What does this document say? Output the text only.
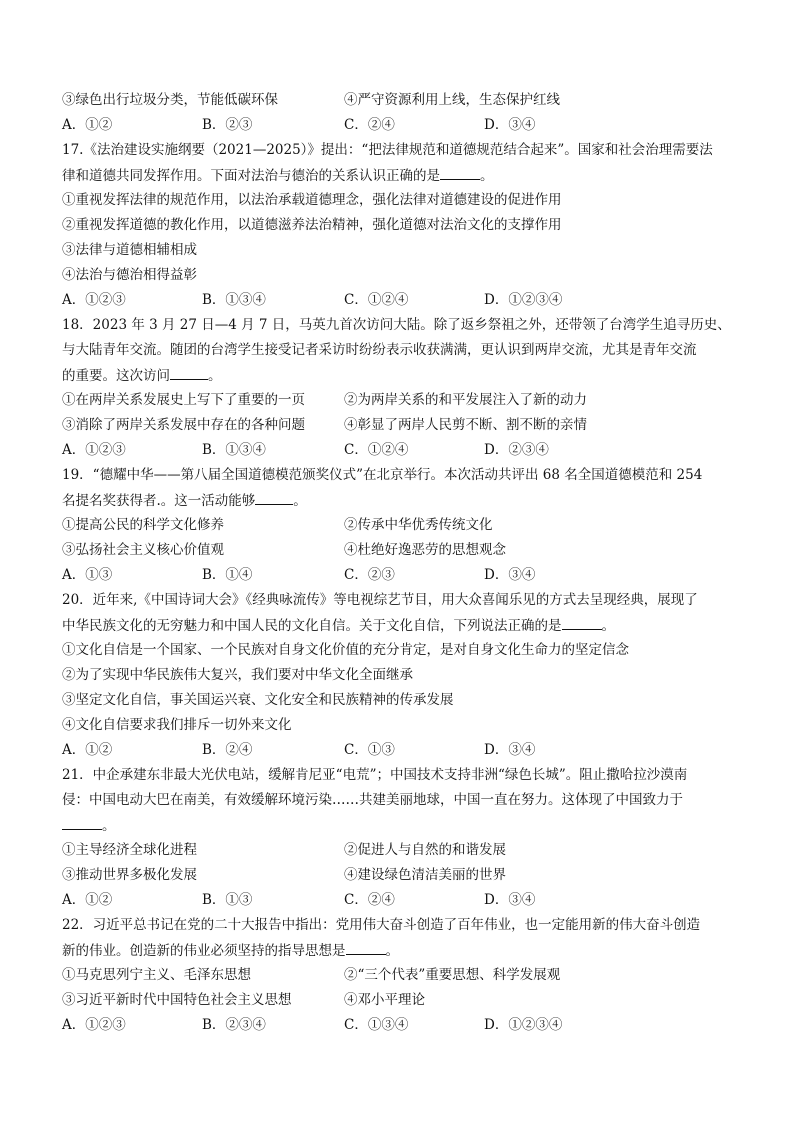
③绿色出行垃圾分类，节能低碳环保	④严守资源利用上线，生态保护红线
A．①②	B．②③	C．②④	D．③④
17.《法治建设实施纲要（2021—2025）》提出：“把法律规范和道德规范结合起来”。国家和社会治理需要法
律和道德共同发挥作用。下面对法治与德治的关系认识正确的是	。
①重视发挥法律的规范作用，以法治承载道德理念，强化法律对道德建设的促进作用
②重视发挥道德的教化作用，以道德滋养法治精神，强化道德对法治文化的支撑作用
③法律与道德相辅相成
④法治与德治相得益彰
A．①②③	B．①③④	C．①②④	D．①②③④
18．2023 年 3 月 27 日—4 月 7 日，马英九首次访问大陆。除了返乡祭祖之外，还带领了台湾学生追寻历史、
与大陆青年交流。随团的台湾学生接受记者采访时纷纷表示收获满满，更认识到两岸交流，尤其是青年交流
的重要。这次访问	。
①在两岸关系发展史上写下了重要的一页	②为两岸关系的和平发展注入了新的动力
③消除了两岸关系发展中存在的各种问题	④彰显了两岸人民剪不断、割不断的亲情
A．①②③	B．①③④	C．①②④	D．②③④
19．“德耀中华——第八届全国道德模范颁奖仪式”在北京举行。本次活动共评出 68 名全国道德模范和 254
名提名奖获得者.。这一活动能够	。
①提高公民的科学文化修养	②传承中华优秀传统文化
③弘扬社会主义核心价值观	④杜绝好逸恶劳的思想观念
A．①③	B．①④	C．②③	D．③④
20．近年来,《中国诗词大会》《经典咏流传》等电视综艺节目，用大众喜闻乐见的方式去呈现经典，展现了
中华民族文化的无穷魅力和中国人民的文化自信。关于文化自信，下列说法正确的是	。
①文化自信是一个国家、一个民族对自身文化价值的充分肯定，是对自身文化生命力的坚定信念
②为了实现中华民族伟大复兴，我们要对中华文化全面继承
③坚定文化自信，事关国运兴衰、文化安全和民族精神的传承发展
④文化自信要求我们排斥一切外来文化
A．①②	B．②④	C．①③	D．③④
21．中企承建东非最大光伏电站，缓解肯尼亚“电荒”；中国技术支持非洲“绿色长城”。阻止撒哈拉沙漠南
侵：中国电动大巴在南美，有效缓解环境污染……共建美丽地球，中国一直在努力。这体现了中国致力于
。
①主导经济全球化进程	②促进人与自然的和谐发展
③推动世界多极化发展	④建设绿色清洁美丽的世界
A．①②	B．①③	C．②④	D．③④
22．习近平总书记在党的二十大报告中指出：党用伟大奋斗创造了百年伟业，也一定能用新的伟大奋斗创造
新的伟业。创造新的伟业必须坚持的指导思想是	。
①马克思列宁主义、毛泽东思想	②“三个代表”重要思想、科学发展观
③习近平新时代中国特色社会主义思想	④邓小平理论
A．①②③	B．②③④	C．①③④	D．①②③④
